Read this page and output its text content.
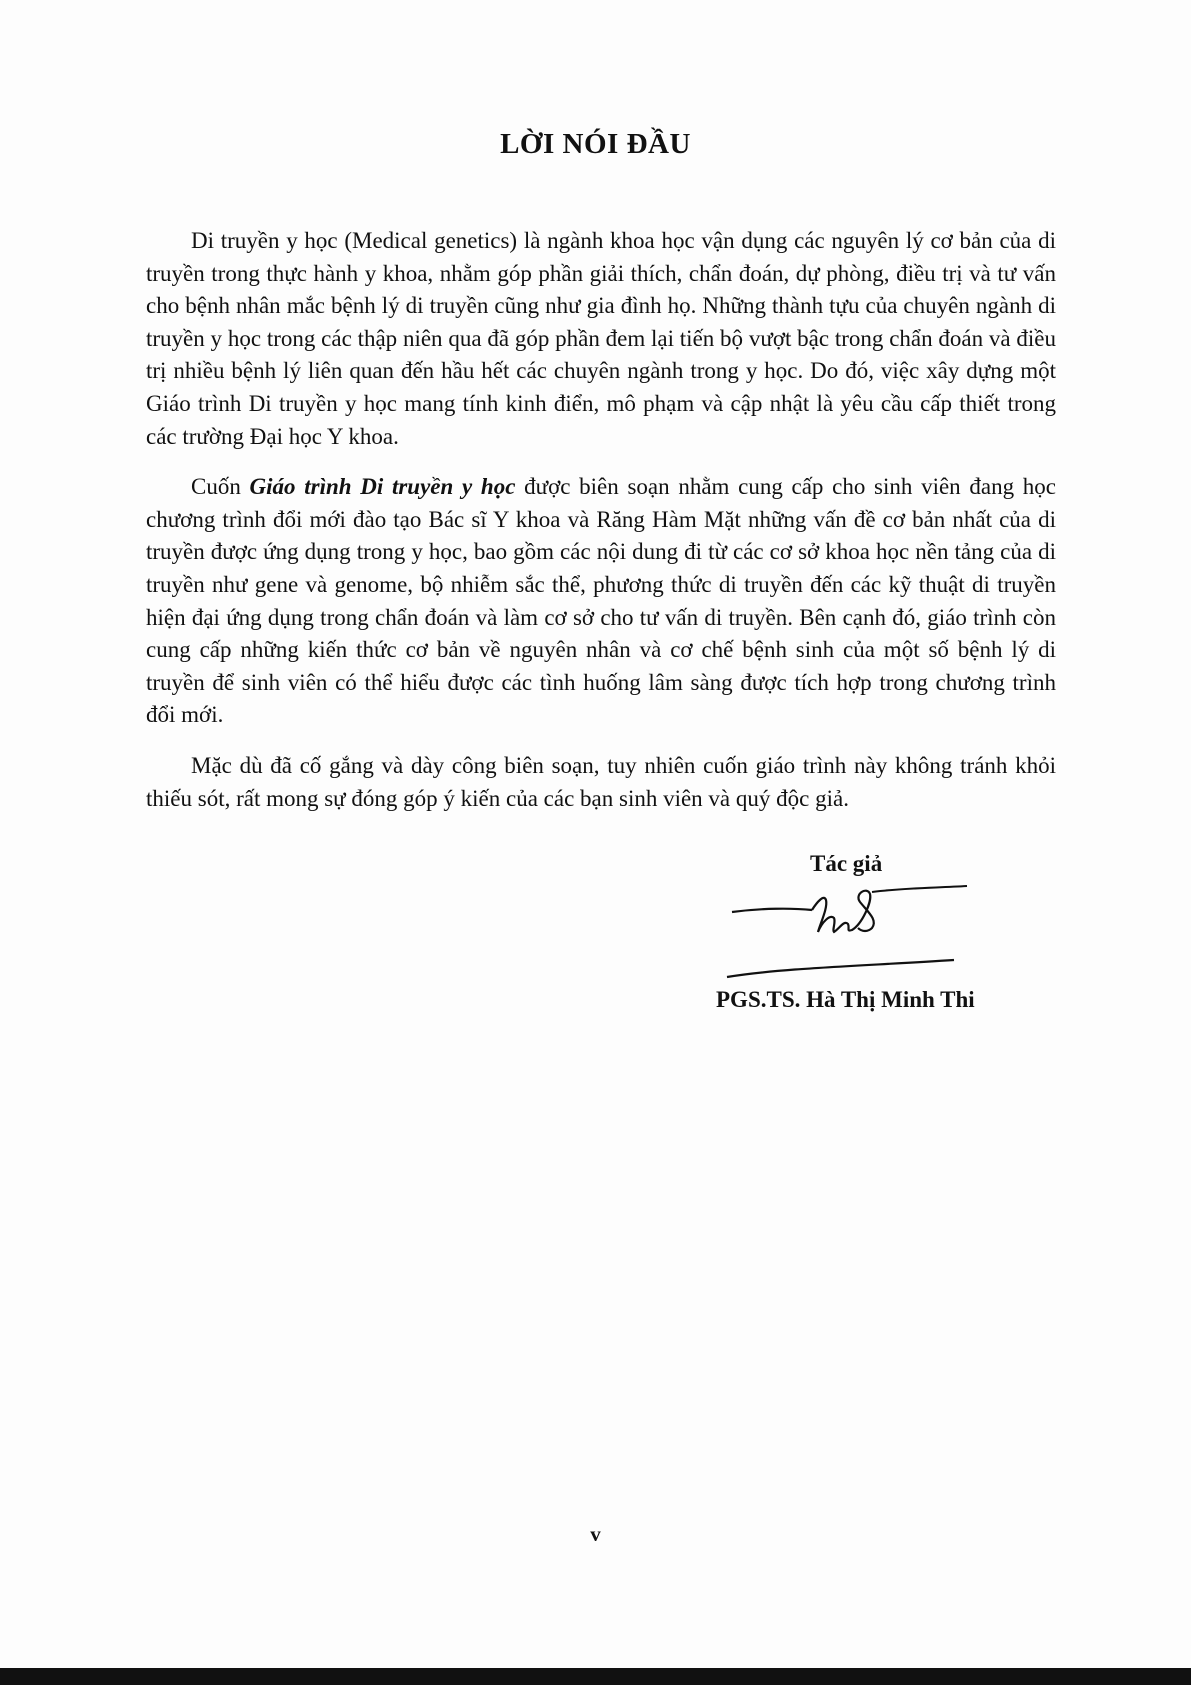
LỜI NÓI ĐẦU

Di truyền y học (Medical genetics) là ngành khoa học vận dụng các nguyên lý cơ bản của di truyền trong thực hành y khoa, nhằm góp phần giải thích, chẩn đoán, dự phòng, điều trị và tư vấn cho bệnh nhân mắc bệnh lý di truyền cũng như gia đình họ. Những thành tựu của chuyên ngành di truyền y học trong các thập niên qua đã góp phần đem lại tiến bộ vượt bậc trong chẩn đoán và điều trị nhiều bệnh lý liên quan đến hầu hết các chuyên ngành trong y học. Do đó, việc xây dựng một Giáo trình Di truyền y học mang tính kinh điển, mô phạm và cập nhật là yêu cầu cấp thiết trong các trường Đại học Y khoa.

Cuốn Giáo trình Di truyền y học được biên soạn nhằm cung cấp cho sinh viên đang học chương trình đổi mới đào tạo Bác sĩ Y khoa và Răng Hàm Mặt những vấn đề cơ bản nhất của di truyền được ứng dụng trong y học, bao gồm các nội dung đi từ các cơ sở khoa học nền tảng của di truyền như gene và genome, bộ nhiễm sắc thể, phương thức di truyền đến các kỹ thuật di truyền hiện đại ứng dụng trong chẩn đoán và làm cơ sở cho tư vấn di truyền. Bên cạnh đó, giáo trình còn cung cấp những kiến thức cơ bản về nguyên nhân và cơ chế bệnh sinh của một số bệnh lý di truyền để sinh viên có thể hiểu được các tình huống lâm sàng được tích hợp trong chương trình đổi mới.

Mặc dù đã cố gắng và dày công biên soạn, tuy nhiên cuốn giáo trình này không tránh khỏi thiếu sót, rất mong sự đóng góp ý kiến của các bạn sinh viên và quý độc giả.

Tác giả
PGS.TS. Hà Thị Minh Thi
v
